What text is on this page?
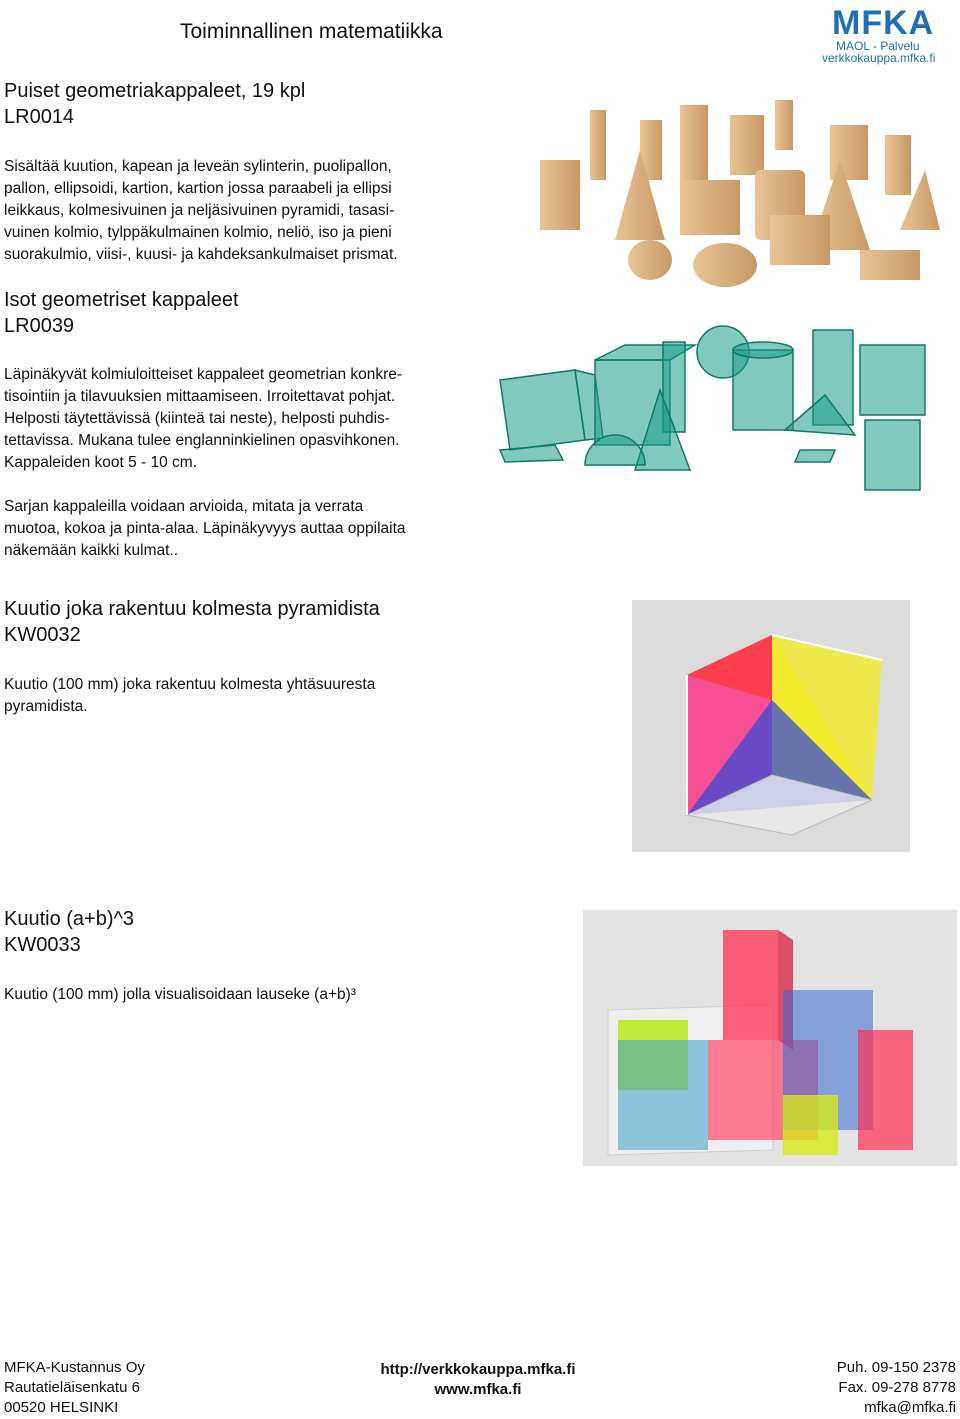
Toiminnallinen matematiikka	MFKA
MAOL - Palvelu
verkkokauppa.mfka.fi
Puiset geometriakappaleet, 19 kpl
LR0014
Sisältää kuution, kapean ja leveän sylinterin, puolipallon,
pallon, ellipsoidi, kartion, kartion jossa paraabeli ja ellipsi
leikkaus, kolmesivuinen ja neljäsivuinen pyramidi, tasasi-
vuinen kolmio, tylppäkulmainen kolmio, neliö, iso ja pieni
suorakulmio, viisi-, kuusi- ja kahdeksankulmaiset prismat.
Isot geometriset kappaleet
LR0039
Läpinäkyvät kolmiuloitteiset kappaleet geometrian konkre-
tisointiin ja tilavuuksien mittaamiseen. Irroitettavat pohjat.
Helposti täytettävissä (kiinteä tai neste), helposti puhdis-
tettavissa. Mukana tulee englanninkielinen opasvihkonen.
Kappaleiden koot 5 - 10 cm.
Sarjan kappaleilla voidaan arvioida, mitata ja verrata
muotoa, kokoa ja pinta-alaa. Läpinäkyvyys auttaa oppilaita
näkemään kaikki kulmat..
Kuutio joka rakentuu kolmesta pyramidista
KW0032
Kuutio (100 mm) joka rakentuu kolmesta yhtäsuuresta
pyramidista.
Kuutio (a+b)^3
KW0033
Kuutio (100 mm) jolla visualisoidaan lauseke (a+b)³
MFKA-Kustannus Oy
Rautatieläisenkatu 6
00520 HELSINKI
http://verkkokauppa.mfka.fi
www.mfka.fi
Puh. 09-150 2378
Fax. 09-278 8778
mfka@mfka.fi
